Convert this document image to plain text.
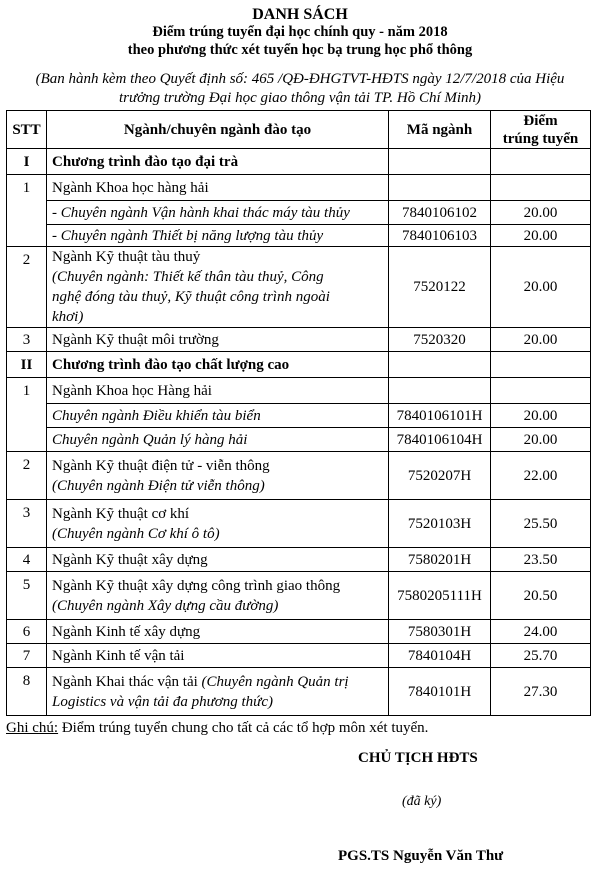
DANH SÁCH
Điểm trúng tuyển đại học chính quy - năm 2018
theo phương thức xét tuyển học bạ trung học phổ thông
(Ban hành kèm theo Quyết định số: 465 /QĐ-ĐHGTVT-HĐTS ngày 12/7/2018 của Hiệu
trưởng trường Đại học giao thông vận tải TP. Hồ Chí Minh)
STT	Ngành/chuyên ngành đào tạo	Mã ngành	Điểm
trúng tuyển
I	Chương trình đào tạo đại trà		
1	Ngành Khoa học hàng hải		
	- Chuyên ngành Vận hành khai thác máy tàu thủy	7840106102	20.00
	- Chuyên ngành Thiết bị năng lượng tàu thủy	7840106103	20.00
2	Ngành Kỹ thuật tàu thuỷ
(Chuyên ngành: Thiết kế thân tàu thuỷ, Công
nghệ đóng tàu thuỷ, Kỹ thuật công trình ngoài
khơi)	7520122	20.00
3	Ngành Kỹ thuật môi trường	7520320	20.00
II	Chương trình đào tạo chất lượng cao		
1	Ngành Khoa học Hàng hải		
	Chuyên ngành Điều khiển tàu biển	7840106101H	20.00
	Chuyên ngành Quản lý hàng hải	7840106104H	20.00
2	Ngành Kỹ thuật điện tử - viễn thông
(Chuyên ngành Điện tử viễn thông)	7520207H	22.00
3	Ngành Kỹ thuật cơ khí
(Chuyên ngành Cơ khí ô tô)	7520103H	25.50
4	Ngành Kỹ thuật xây dựng	7580201H	23.50
5	Ngành Kỹ thuật xây dựng công trình giao thông
(Chuyên ngành Xây dựng cầu đường)	7580205111H	20.50
6	Ngành Kinh tế xây dựng	7580301H	24.00
7	Ngành Kinh tế vận tải	7840104H	25.70
8	Ngành Khai thác vận tải (Chuyên ngành Quản trị
Logistics và vận tải đa phương thức)	7840101H	27.30
Ghi chú: Điểm trúng tuyển chung cho tất cả các tổ hợp môn xét tuyển.
CHỦ TỊCH HĐTS
(đã ký)
PGS.TS Nguyễn Văn Thư
